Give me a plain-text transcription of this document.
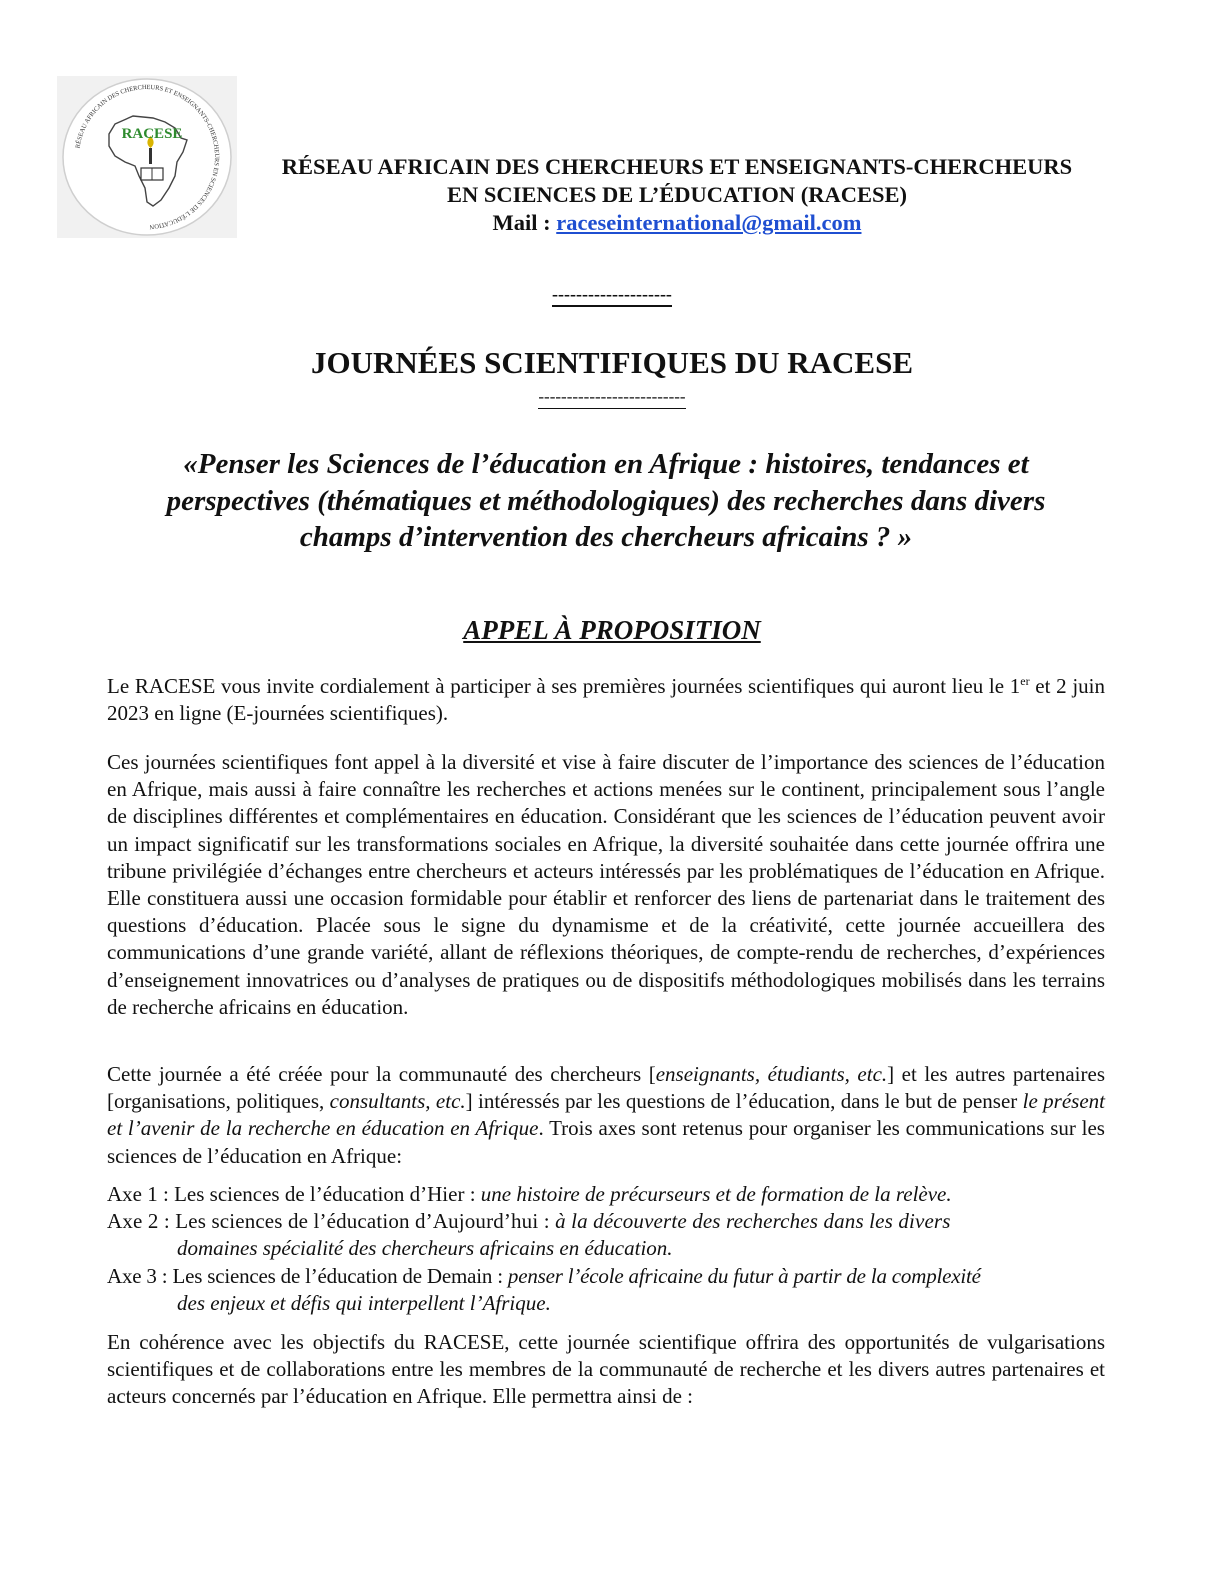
RÉSEAU AFRICAIN DES CHERCHEURS ET ENSEIGNANTS-CHERCHEURS EN SCIENCES DE L'ÉDUCATION
RACESE
RÉSEAU AFRICAIN DES CHERCHEURS ET ENSEIGNANTS-CHERCHEURS
EN SCIENCES DE L’ÉDUCATION (RACESE)
Mail : raceseinternational@gmail.com
--------------------
JOURNÉES SCIENTIFIQUES DU RACESE
--------------------------
«Penser les Sciences de l’éducation en Afrique : histoires, tendances et
perspectives (thématiques et méthodologiques) des recherches dans divers
champs d’intervention des chercheurs africains ? »
APPEL À PROPOSITION

Le RACESE vous invite cordialement à participer à ses premières journées scientifiques qui auront lieu le 1er et 2 juin 2023 en ligne (E-journées scientifiques).

Ces journées scientifiques font appel à la diversité et vise à faire discuter de l’importance des sciences de l’éducation en Afrique, mais aussi à faire connaître les recherches et actions menées sur le continent, principalement sous l’angle de disciplines différentes et complémentaires en éducation. Considérant que les sciences de l’éducation peuvent avoir un impact significatif sur les transformations sociales en Afrique, la diversité souhaitée dans cette journée offrira une tribune privilégiée d’échanges entre chercheurs et acteurs intéressés par les problématiques de l’éducation en Afrique. Elle constituera aussi une occasion formidable pour établir et renforcer des liens de partenariat dans le traitement des questions d’éducation. Placée sous le signe du dynamisme et de la créativité, cette journée accueillera des communications d’une grande variété, allant de réflexions théoriques, de compte-rendu de recherches, d’expériences d’enseignement innovatrices ou d’analyses de pratiques ou de dispositifs méthodologiques mobilisés dans les terrains de recherche africains en éducation.

Cette journée a été créée pour la communauté des chercheurs [enseignants, étudiants, etc.] et les autres partenaires [organisations, politiques, consultants, etc.] intéressés par les questions de l’éducation, dans le but de penser le présent et l’avenir de la recherche en éducation en Afrique. Trois axes sont retenus pour organiser les communications sur les sciences de l’éducation en Afrique:

Axe 1 : Les sciences de l’éducation d’Hier : une histoire de précurseurs et de formation de la relève.
Axe 2 : Les sciences de l’éducation d’Aujourd’hui : à la découverte des recherches dans les divers
domaines spécialité des chercheurs africains en éducation.
Axe 3 : Les sciences de l’éducation de Demain : penser l’école africaine du futur à partir de la complexité
des enjeux et défis qui interpellent l’Afrique.

En cohérence avec les objectifs du RACESE, cette journée scientifique offrira des opportunités de vulgarisations scientifiques et de collaborations entre les membres de la communauté de recherche et les divers autres partenaires et acteurs concernés par l’éducation en Afrique. Elle permettra ainsi de :
